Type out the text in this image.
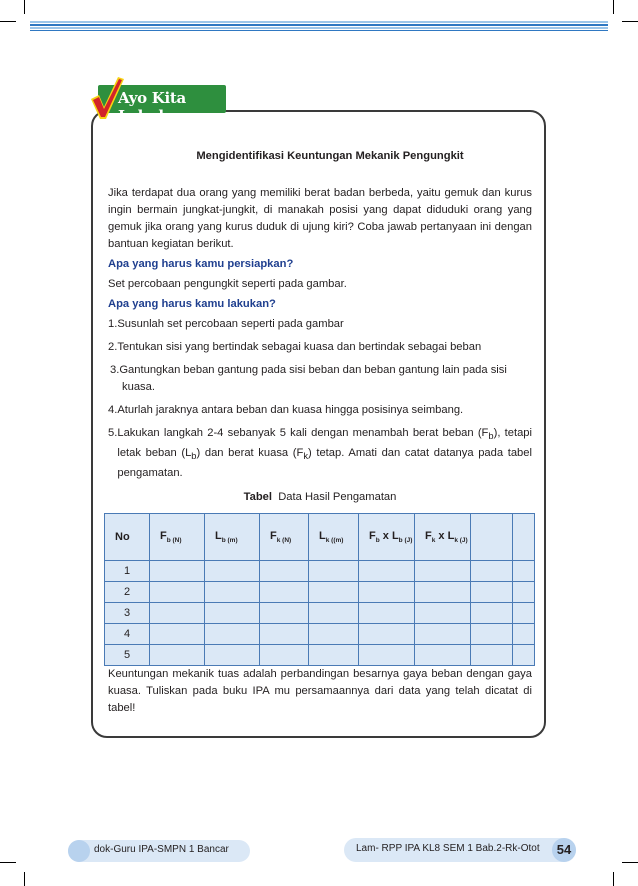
Ayo Kita Lakukan
Mengidentifikasi Keuntungan Mekanik Pengungkit

Jika terdapat dua orang yang memiliki berat badan berbeda, yaitu gemuk dan kurus ingin bermain jungkat-jungkit, di manakah posisi yang dapat diduduki orang yang gemuk jika orang yang kurus duduk di ujung kiri? Coba jawab pertanyaan ini dengan bantuan kegiatan berikut.

Apa yang harus kamu persiapkan?

Set percobaan pengungkit seperti pada gambar.

Apa yang harus kamu lakukan?
1. Susunlah set percobaan seperti pada gambar
2. Tentukan sisi yang bertindak sebagai kuasa dan bertindak sebagai beban
3.Gantungkan beban gantung pada sisi beban dan beban gantung lain pada sisi kuasa.
4. Aturlah jaraknya antara beban dan kuasa hingga posisinya seimbang.
5. Lakukan langkah 2-4 sebanyak 5 kali dengan menambah berat beban $(F_b)$, tetapi letak beban $(L_b)$ dan berat kuasa $(F_k)$ tetap. Amati dan catat datanya pada tabel pengamatan.
Tabel Data Hasil Pengamatan
No	$F_{b (N)}$	$L_{b (m)}$	$F_{k (N)}$	$L_{k ((m)}$	$F_b$ x $L_{b (J)}$	$F_k$ x $L_{k (J)}$		
1								
2								
3								
4								
5								

Keuntungan mekanik tuas adalah perbandingan besarnya gaya beban dengan gaya kuasa. Tuliskan pada buku IPA mu persamaannya dari data yang telah dicatat di tabel!

dok-Guru IPA-SMPN 1 Bancar	Lam- RPP IPA KL8 SEM 1 Bab.2-Rk-Otot	54
